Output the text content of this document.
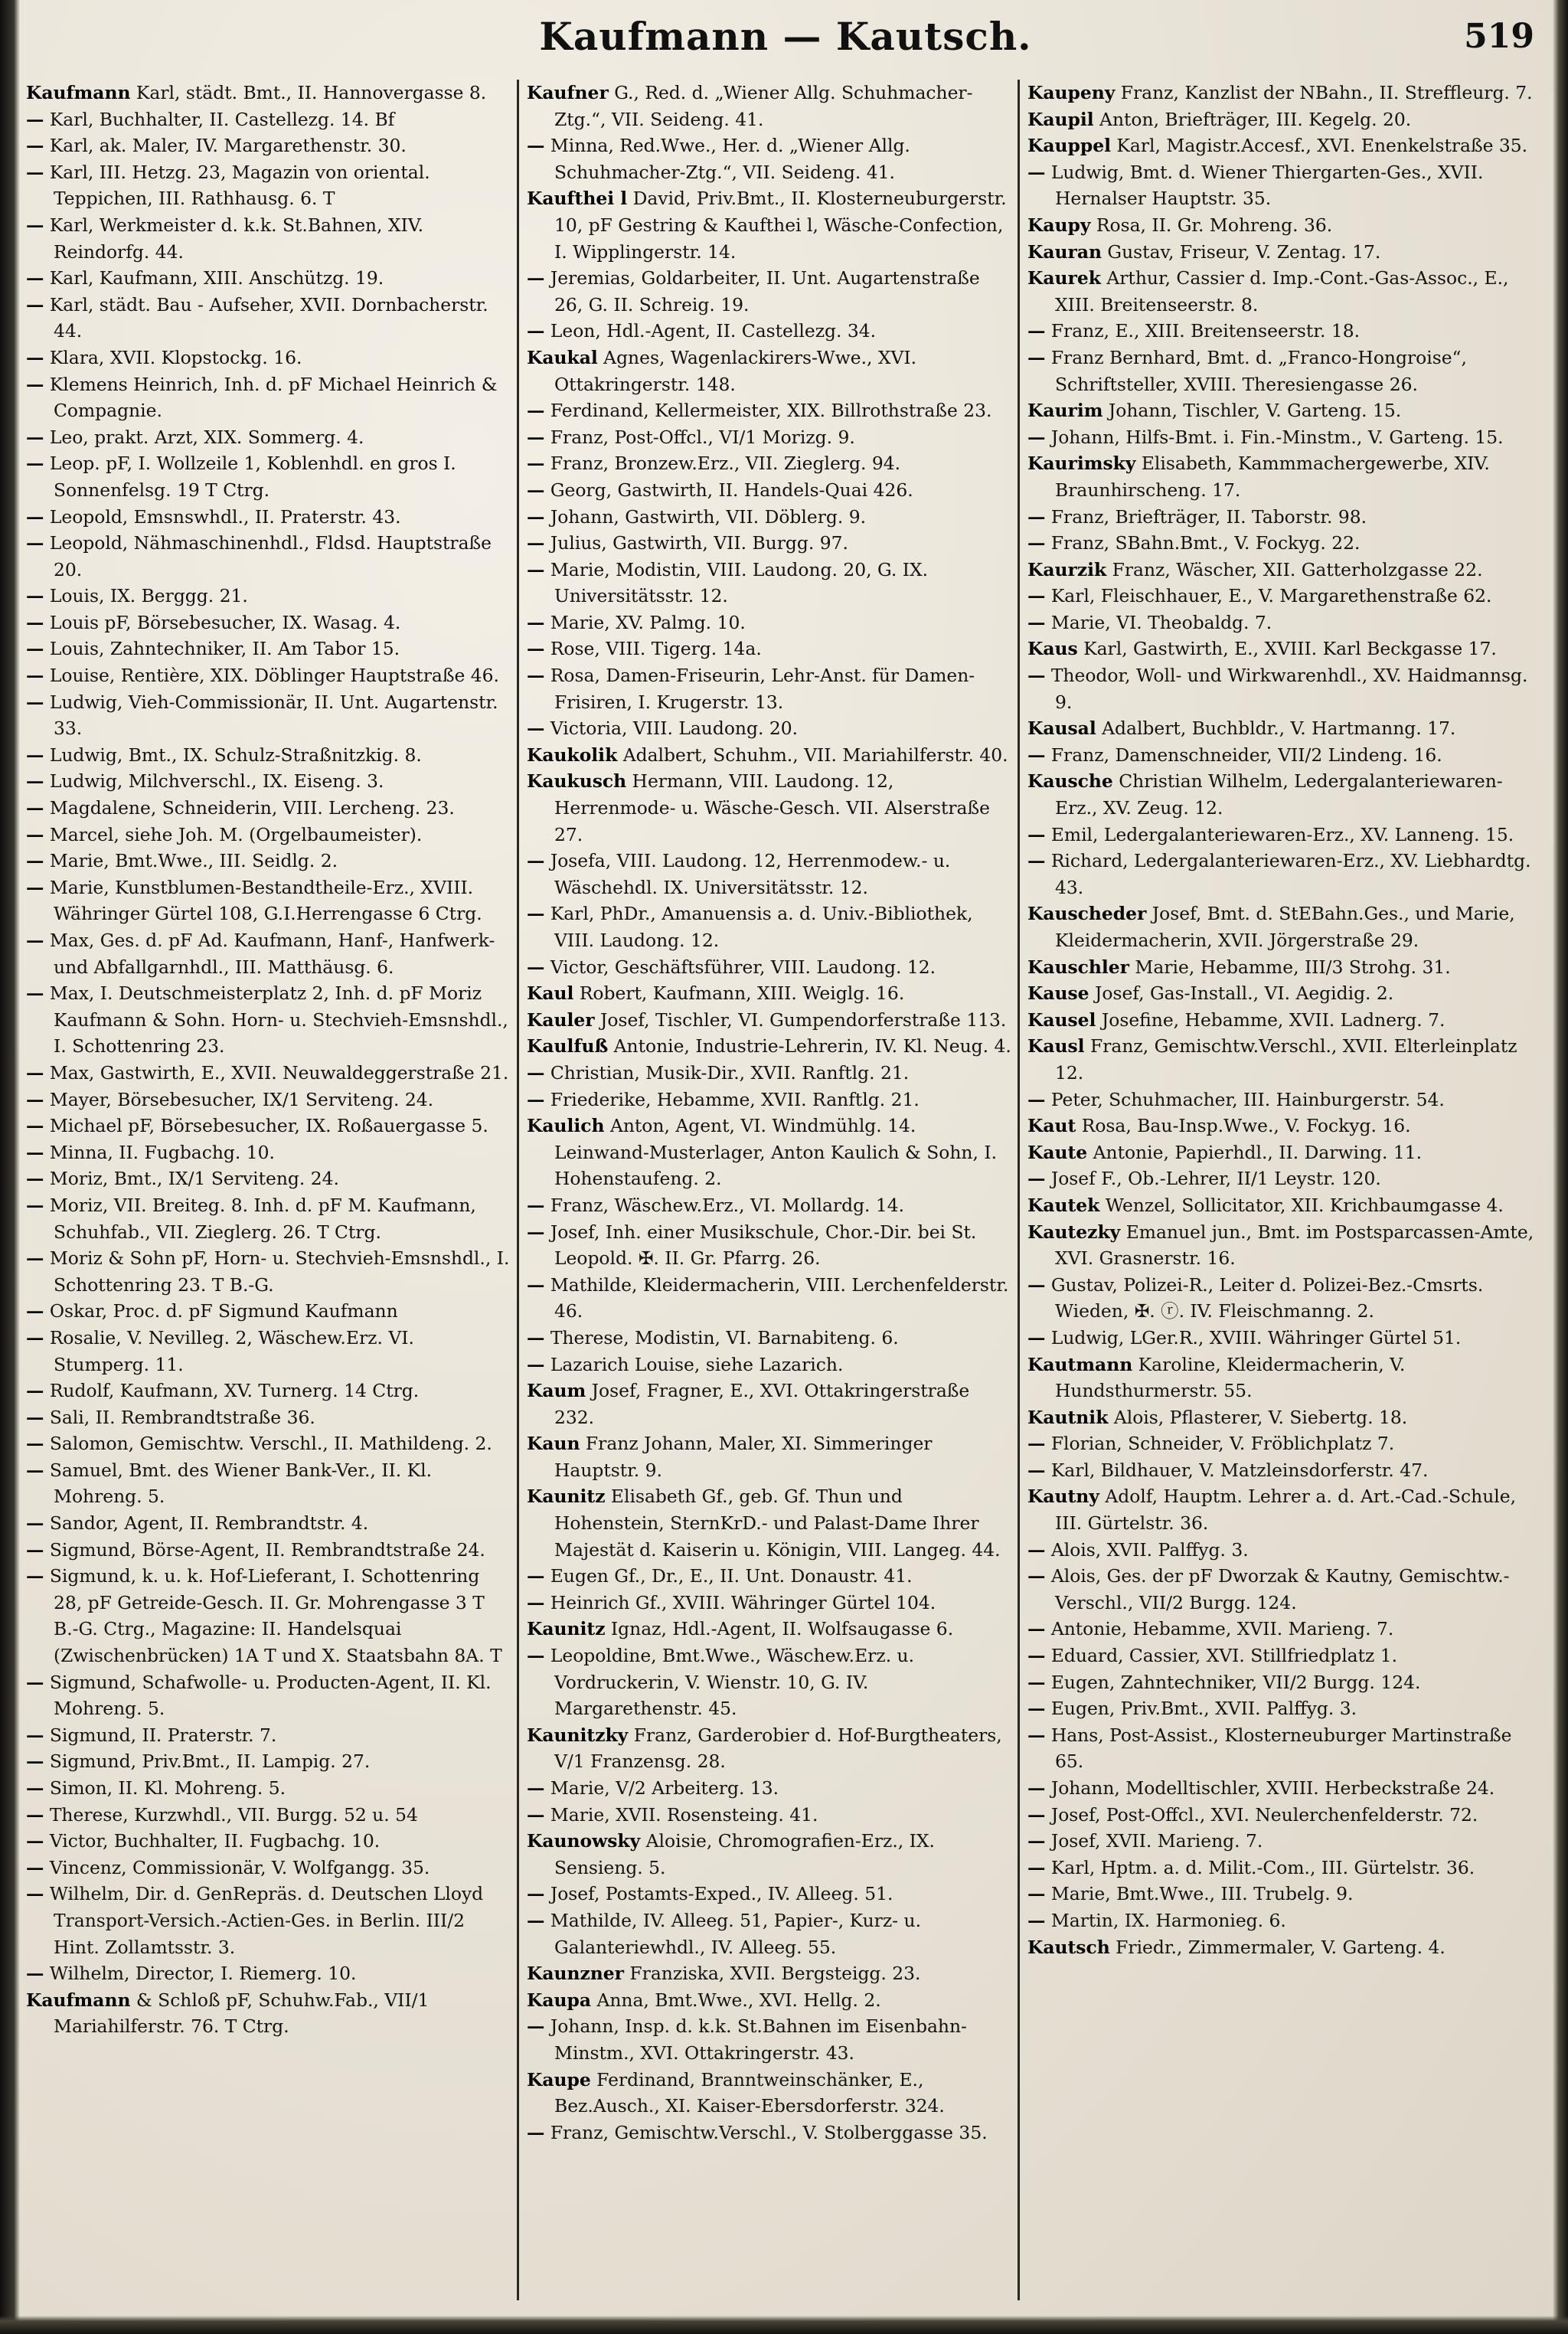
Kaufmann — Kautsch.	519
Kaufmann Karl, städt. Bmt., II. Hannovergasse 8.
— Karl, Buchhalter, II. Castellezg. 14. Bf
— Karl, ak. Maler, IV. Margarethenstr. 30.
— Karl, III. Hetzg. 23, Magazin von oriental. Teppichen, III. Rathhausg. 6. T
— Karl, Werkmeister d. k.k. St.Bahnen, XIV. Reindorfg. 44.
— Karl, Kaufmann, XIII. Anschützg. 19.
— Karl, städt. Bau - Aufseher, XVII. Dornbacherstr. 44.
— Klara, XVII. Klopstockg. 16.
— Klemens Heinrich, Inh. d. pF Michael Heinrich & Compagnie.
— Leo, prakt. Arzt, XIX. Sommerg. 4.
— Leop. pF, I. Wollzeile 1, Koblenhdl. en gros I. Sonnenfelsg. 19 T Ctrg.
— Leopold, Emsnswhdl., II. Praterstr. 43.
— Leopold, Nähmaschinenhdl., Fldsd. Hauptstraße 20.
— Louis, IX. Berggg. 21.
— Louis pF, Börsebesucher, IX. Wasag. 4.
— Louis, Zahntechniker, II. Am Tabor 15.
— Louise, Rentière, XIX. Döblinger Hauptstraße 46.
— Ludwig, Vieh-Commissionär, II. Unt. Augartenstr. 33.
— Ludwig, Bmt., IX. Schulz-Straßnitzkig. 8.
— Ludwig, Milchverschl., IX. Eiseng. 3.
— Magdalene, Schneiderin, VIII. Lercheng. 23.
— Marcel, siehe Joh. M. (Orgelbaumeister).
— Marie, Bmt.Wwe., III. Seidlg. 2.
— Marie, Kunstblumen-Bestandtheile-Erz., XVIII. Währinger Gürtel 108, G.I.Herrengasse 6 Ctrg.
— Max, Ges. d. pF Ad. Kaufmann, Hanf-, Hanfwerk- und Abfallgarnhdl., III. Matthäusg. 6.
— Max, I. Deutschmeisterplatz 2, Inh. d. pF Moriz Kaufmann & Sohn. Horn- u. Stechvieh-Emsnshdl., I. Schottenring 23.
— Max, Gastwirth, E., XVII. Neuwaldeggerstraße 21.
— Mayer, Börsebesucher, IX/1 Serviteng. 24.
— Michael pF, Börsebesucher, IX. Roßauergasse 5.
— Minna, II. Fugbachg. 10.
— Moriz, Bmt., IX/1 Serviteng. 24.
— Moriz, VII. Breiteg. 8. Inh. d. pF M. Kaufmann, Schuhfab., VII. Zieglerg. 26. T Ctrg.
— Moriz & Sohn pF, Horn- u. Stechvieh-Emsnshdl., I. Schottenring 23. T B.-G.
— Oskar, Proc. d. pF Sigmund Kaufmann
— Rosalie, V. Nevilleg. 2, Wäschew.Erz. VI. Stumperg. 11.
— Rudolf, Kaufmann, XV. Turnerg. 14 Ctrg.
— Sali, II. Rembrandtstraße 36.
— Salomon, Gemischtw. Verschl., II. Mathildeng. 2.
— Samuel, Bmt. des Wiener Bank-Ver., II. Kl. Mohreng. 5.
— Sandor, Agent, II. Rembrandtstr. 4.
— Sigmund, Börse-Agent, II. Rembrandtstraße 24.
— Sigmund, k. u. k. Hof-Lieferant, I. Schottenring 28, pF Getreide-Gesch. II. Gr. Mohrengasse 3 T B.-G. Ctrg., Magazine: II. Handelsquai (Zwischenbrücken) 1A T und X. Staatsbahn 8A. T
— Sigmund, Schafwolle- u. Producten-Agent, II. Kl. Mohreng. 5.
— Sigmund, II. Praterstr. 7.
— Sigmund, Priv.Bmt., II. Lampig. 27.
— Simon, II. Kl. Mohreng. 5.
— Therese, Kurzwhdl., VII. Burgg. 52 u. 54
— Victor, Buchhalter, II. Fugbachg. 10.
— Vincenz, Commissionär, V. Wolfgangg. 35.
— Wilhelm, Dir. d. GenRepräs. d. Deutschen Lloyd Transport-Versich.-Actien-Ges. in Berlin. III/2 Hint. Zollamtsstr. 3.
— Wilhelm, Director, I. Riemerg. 10.
Kaufmann & Schloß pF, Schuhw.Fab., VII/1 Mariahilferstr. 76. T Ctrg.
Kaufner G., Red. d. „Wiener Allg. Schuhmacher-Ztg.“, VII. Seideng. 41.
— Minna, Red.Wwe., Her. d. „Wiener Allg. Schuhmacher-Ztg.“, VII. Seideng. 41.
Kaufthei l David, Priv.Bmt., II. Klosterneuburgerstr. 10, pF Gestring & Kaufthei l, Wäsche-Confection, I. Wipplingerstr. 14.
— Jeremias, Goldarbeiter, II. Unt. Augartenstraße 26, G. II. Schreig. 19.
— Leon, Hdl.-Agent, II. Castellezg. 34.
Kaukal Agnes, Wagenlackirers-Wwe., XVI. Ottakringerstr. 148.
— Ferdinand, Kellermeister, XIX. Billrothstraße 23.
— Franz, Post-Offcl., VI/1 Morizg. 9.
— Franz, Bronzew.Erz., VII. Zieglerg. 94.
— Georg, Gastwirth, II. Handels-Quai 426.
— Johann, Gastwirth, VII. Döblerg. 9.
— Julius, Gastwirth, VII. Burgg. 97.
— Marie, Modistin, VIII. Laudong. 20, G. IX. Universitätsstr. 12.
— Marie, XV. Palmg. 10.
— Rose, VIII. Tigerg. 14a.
— Rosa, Damen-Friseurin, Lehr-Anst. für Damen-Frisiren, I. Krugerstr. 13.
— Victoria, VIII. Laudong. 20.
Kaukolik Adalbert, Schuhm., VII. Mariahilferstr. 40.
Kaukusch Hermann, VIII. Laudong. 12, Herrenmode- u. Wäsche-Gesch. VII. Alserstraße 27.
— Josefa, VIII. Laudong. 12, Herrenmodew.- u. Wäschehdl. IX. Universitätsstr. 12.
— Karl, PhDr., Amanuensis a. d. Univ.-Bibliothek, VIII. Laudong. 12.
— Victor, Geschäftsführer, VIII. Laudong. 12.
Kaul Robert, Kaufmann, XIII. Weiglg. 16.
Kauler Josef, Tischler, VI. Gumpendorferstraße 113.
Kaulfuß Antonie, Industrie-Lehrerin, IV. Kl. Neug. 4.
— Christian, Musik-Dir., XVII. Ranftlg. 21.
— Friederike, Hebamme, XVII. Ranftlg. 21.
Kaulich Anton, Agent, VI. Windmühlg. 14. Leinwand-Musterlager, Anton Kaulich & Sohn, I. Hohenstaufeng. 2.
— Franz, Wäschew.Erz., VI. Mollardg. 14.
— Josef, Inh. einer Musikschule, Chor.-Dir. bei St. Leopold. ✠. II. Gr. Pfarrg. 26.
— Mathilde, Kleidermacherin, VIII. Lerchenfelderstr. 46.
— Therese, Modistin, VI. Barnabiteng. 6.
— Lazarich Louise, siehe Lazarich.
Kaum Josef, Fragner, E., XVI. Ottakringerstraße 232.
Kaun Franz Johann, Maler, XI. Simmeringer Hauptstr. 9.
Kaunitz Elisabeth Gf., geb. Gf. Thun und Hohenstein, SternKrD.- und Palast-Dame Ihrer Majestät d. Kaiserin u. Königin, VIII. Langeg. 44.
— Eugen Gf., Dr., E., II. Unt. Donaustr. 41.
— Heinrich Gf., XVIII. Währinger Gürtel 104.
Kaunitz Ignaz, Hdl.-Agent, II. Wolfsaugasse 6.
— Leopoldine, Bmt.Wwe., Wäschew.Erz. u. Vordruckerin, V. Wienstr. 10, G. IV. Margarethenstr. 45.
Kaunitzky Franz, Garderobier d. Hof-Burgtheaters, V/1 Franzensg. 28.
— Marie, V/2 Arbeiterg. 13.
— Marie, XVII. Rosensteing. 41.
Kaunowsky Aloisie, Chromografien-Erz., IX. Sensieng. 5.
— Josef, Postamts-Exped., IV. Alleeg. 51.
— Mathilde, IV. Alleeg. 51, Papier-, Kurz- u. Galanteriewhdl., IV. Alleeg. 55.
Kaunzner Franziska, XVII. Bergsteigg. 23.
Kaupa Anna, Bmt.Wwe., XVI. Hellg. 2.
— Johann, Insp. d. k.k. St.Bahnen im Eisenbahn-Minstm., XVI. Ottakringerstr. 43.
Kaupe Ferdinand, Branntweinschänker, E., Bez.Ausch., XI. Kaiser-Ebersdorferstr. 324.
— Franz, Gemischtw.Verschl., V. Stolberggasse 35.
Kaupeny Franz, Kanzlist der NBahn., II. Streffleurg. 7.
Kaupil Anton, Briefträger, III. Kegelg. 20.
Kauppel Karl, Magistr.Accesf., XVI. Enenkelstraße 35.
— Ludwig, Bmt. d. Wiener Thiergarten-Ges., XVII. Hernalser Hauptstr. 35.
Kaupy Rosa, II. Gr. Mohreng. 36.
Kauran Gustav, Friseur, V. Zentag. 17.
Kaurek Arthur, Cassier d. Imp.-Cont.-Gas-Assoc., E., XIII. Breitenseerstr. 8.
— Franz, E., XIII. Breitenseerstr. 18.
— Franz Bernhard, Bmt. d. „Franco-Hongroise“, Schriftsteller, XVIII. Theresiengasse 26.
Kaurim Johann, Tischler, V. Garteng. 15.
— Johann, Hilfs-Bmt. i. Fin.-Minstm., V. Garteng. 15.
Kaurimsky Elisabeth, Kammmachergewerbe, XIV. Braunhirscheng. 17.
— Franz, Briefträger, II. Taborstr. 98.
— Franz, SBahn.Bmt., V. Fockyg. 22.
Kaurzik Franz, Wäscher, XII. Gatterholzgasse 22.
— Karl, Fleischhauer, E., V. Margarethenstraße 62.
— Marie, VI. Theobaldg. 7.
Kaus Karl, Gastwirth, E., XVIII. Karl Beckgasse 17.
— Theodor, Woll- und Wirkwarenhdl., XV. Haidmannsg. 9.
Kausal Adalbert, Buchbldr., V. Hartmanng. 17.
— Franz, Damenschneider, VII/2 Lindeng. 16.
Kausche Christian Wilhelm, Ledergalanteriewaren-Erz., XV. Zeug. 12.
— Emil, Ledergalanteriewaren-Erz., XV. Lanneng. 15.
— Richard, Ledergalanteriewaren-Erz., XV. Liebhardtg. 43.
Kauscheder Josef, Bmt. d. StEBahn.Ges., und Marie, Kleidermacherin, XVII. Jörgerstraße 29.
Kauschler Marie, Hebamme, III/3 Strohg. 31.
Kause Josef, Gas-Install., VI. Aegidig. 2.
Kausel Josefine, Hebamme, XVII. Ladnerg. 7.
Kausl Franz, Gemischtw.Verschl., XVII. Elterleinplatz 12.
— Peter, Schuhmacher, III. Hainburgerstr. 54.
Kaut Rosa, Bau-Insp.Wwe., V. Fockyg. 16.
Kaute Antonie, Papierhdl., II. Darwing. 11.
— Josef F., Ob.-Lehrer, II/1 Leystr. 120.
Kautek Wenzel, Sollicitator, XII. Krichbaumgasse 4.
Kautezky Emanuel jun., Bmt. im Postsparcassen-Amte, XVI. Grasnerstr. 16.
— Gustav, Polizei-R., Leiter d. Polizei-Bez.-Cmsrts. Wieden, ✠. ⓡ. IV. Fleischmanng. 2.
— Ludwig, LGer.R., XVIII. Währinger Gürtel 51.
Kautmann Karoline, Kleidermacherin, V. Hundsthurmerstr. 55.
Kautnik Alois, Pflasterer, V. Siebertg. 18.
— Florian, Schneider, V. Fröblichplatz 7.
— Karl, Bildhauer, V. Matzleinsdorferstr. 47.
Kautny Adolf, Hauptm. Lehrer a. d. Art.-Cad.-Schule, III. Gürtelstr. 36.
— Alois, XVII. Palffyg. 3.
— Alois, Ges. der pF Dworzak & Kautny, Gemischtw.-Verschl., VII/2 Burgg. 124.
— Antonie, Hebamme, XVII. Marieng. 7.
— Eduard, Cassier, XVI. Stillfriedplatz 1.
— Eugen, Zahntechniker, VII/2 Burgg. 124.
— Eugen, Priv.Bmt., XVII. Palffyg. 3.
— Hans, Post-Assist., Klosterneuburger Martinstraße 65.
— Johann, Modelltischler, XVIII. Herbeckstraße 24.
— Josef, Post-Offcl., XVI. Neulerchenfelderstr. 72.
— Josef, XVII. Marieng. 7.
— Karl, Hptm. a. d. Milit.-Com., III. Gürtelstr. 36.
— Marie, Bmt.Wwe., III. Trubelg. 9.
— Martin, IX. Harmonieg. 6.
Kautsch Friedr., Zimmermaler, V. Garteng. 4.
